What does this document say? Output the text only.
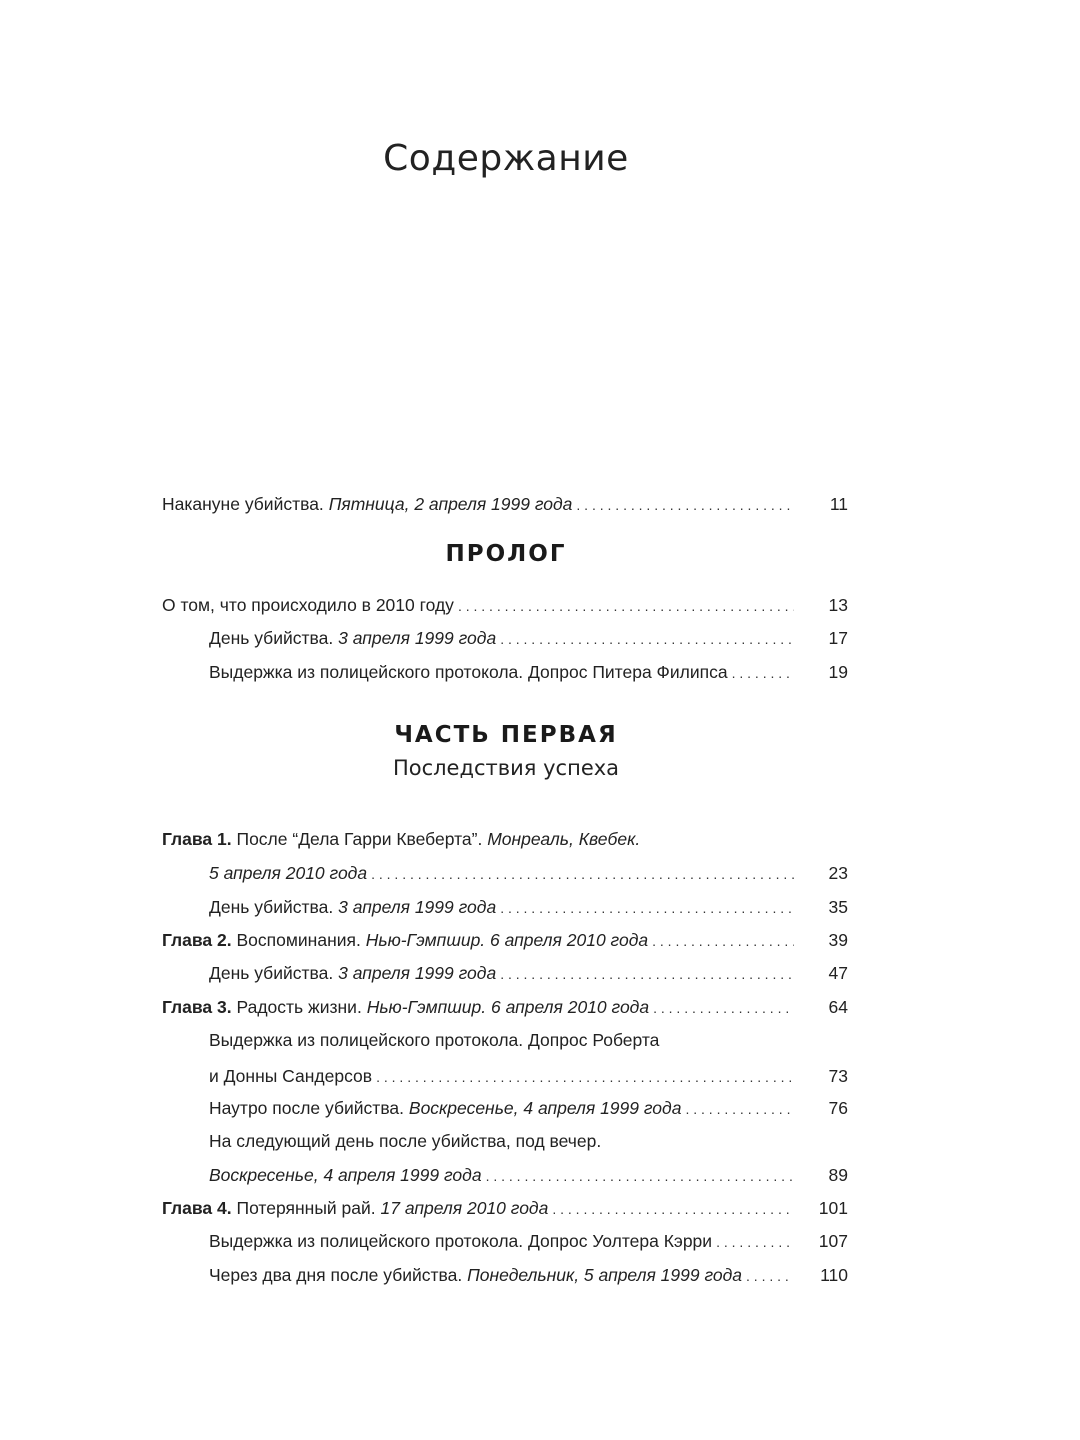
Содержание
Накануне убийства. Пятница, 2 апреля 1999 года . . .	11
О том, что происходило в 2010 году . . .	13
День убийства. 3 апреля 1999 года . . .	17
Выдержка из полицейского протокола. Допрос Питера Филипса . . .	19
Глава 1. После “Дела Гарри Квеберта”. Монреаль, Квебек.
5 апреля 2010 года . . .	23
День убийства. 3 апреля 1999 года . . .	35
Глава 2. Воспоминания. Нью-Гэмпшир. 6 апреля 2010 года . . .	39
День убийства. 3 апреля 1999 года . . .	47
Глава 3. Радость жизни. Нью-Гэмпшир. 6 апреля 2010 года . . .	64
Выдержка из полицейского протокола. Допрос Роберта
и Донны Сандерсов . . .	73
Наутро после убийства. Воскресенье, 4 апреля 1999 года . . .	76
На следующий день после убийства, под вечер.
Воскресенье, 4 апреля 1999 года . . .	89
Глава 4. Потерянный рай. 17 апреля 2010 года . . .	101
Выдержка из полицейского протокола. Допрос Уолтера Кэрри . . .	107
Через два дня после убийства. Понедельник, 5 апреля 1999 года . . .	110
ПРОЛОГ
ЧАСТЬ ПЕРВАЯ
Последствия успеха
